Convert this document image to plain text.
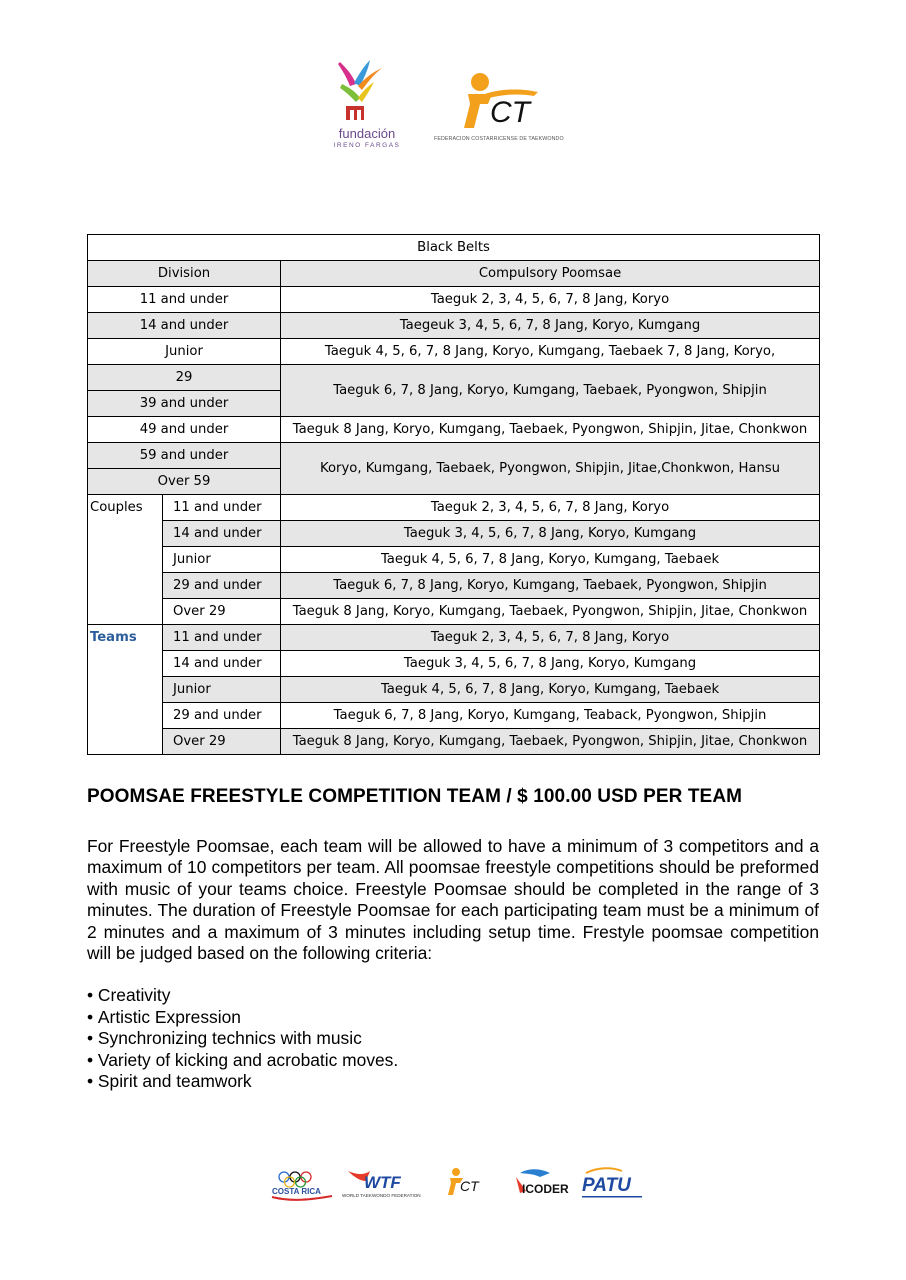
fundación
IRENO FARGAS
CT
FEDERACION COSTARRICENSE DE TAEKWONDO
Black Belts		
Division		Compulsory Poomsae
11 and under		Taeguk 2, 3, 4, 5, 6, 7, 8 Jang, Koryo
14 and under		Taegeuk 3, 4, 5, 6, 7, 8 Jang, Koryo, Kumgang
Junior		Taeguk 4, 5, 6, 7, 8 Jang, Koryo, Kumgang, Taebaek 7, 8 Jang, Koryo,
29		Taeguk 6, 7, 8 Jang, Koryo, Kumgang, Taebaek, Pyongwon, Shipjin
39 and under		
49 and under		Taeguk 8 Jang, Koryo, Kumgang, Taebaek, Pyongwon, Shipjin, Jitae, Chonkwon
59 and under		Koryo, Kumgang, Taebaek, Pyongwon, Shipjin, Jitae,Chonkwon, Hansu
Over 59		
Couples	11 and under	Taeguk 2, 3, 4, 5, 6, 7, 8 Jang, Koryo
	14 and under	Taeguk 3, 4, 5, 6, 7, 8 Jang, Koryo, Kumgang
	Junior	Taeguk 4, 5, 6, 7, 8 Jang, Koryo, Kumgang, Taebaek
	29 and under	Taeguk 6, 7, 8 Jang, Koryo, Kumgang, Taebaek, Pyongwon, Shipjin
	Over 29	Taeguk 8 Jang, Koryo, Kumgang, Taebaek, Pyongwon, Shipjin, Jitae, Chonkwon
Teams	11 and under	Taeguk 2, 3, 4, 5, 6, 7, 8 Jang, Koryo
	14 and under	Taeguk 3, 4, 5, 6, 7, 8 Jang, Koryo, Kumgang
	Junior	Taeguk 4, 5, 6, 7, 8 Jang, Koryo, Kumgang, Taebaek
	29 and under	Taeguk 6, 7, 8 Jang, Koryo, Kumgang, Teaback, Pyongwon, Shipjin
	Over 29	Taeguk 8 Jang, Koryo, Kumgang, Taebaek, Pyongwon, Shipjin, Jitae, Chonkwon
POOMSAE FREESTYLE COMPETITION TEAM / $ 100.00 USD PER TEAM

For Freestyle Poomsae, each team will be allowed to have a minimum of 3 competitors and a maximum of 10 competitors per team. All poomsae freestyle competitions should be preformed with music of your teams choice. Freestyle Poomsae should be completed in the range of 3 minutes. The duration of Freestyle Poomsae for each participating team must be a minimum of 2 minutes and a maximum of 3 minutes including setup time. Frestyle poomsae competition will be judged based on the following criteria:

• Creativity
• Artistic Expression
• Synchronizing technics with music
• Variety of kicking and acrobatic moves.
• Spirit and teamwork
COSTA RICA	WTF
WORLD TAEKWONDO FEDERATION
CT	ICODER PATU
